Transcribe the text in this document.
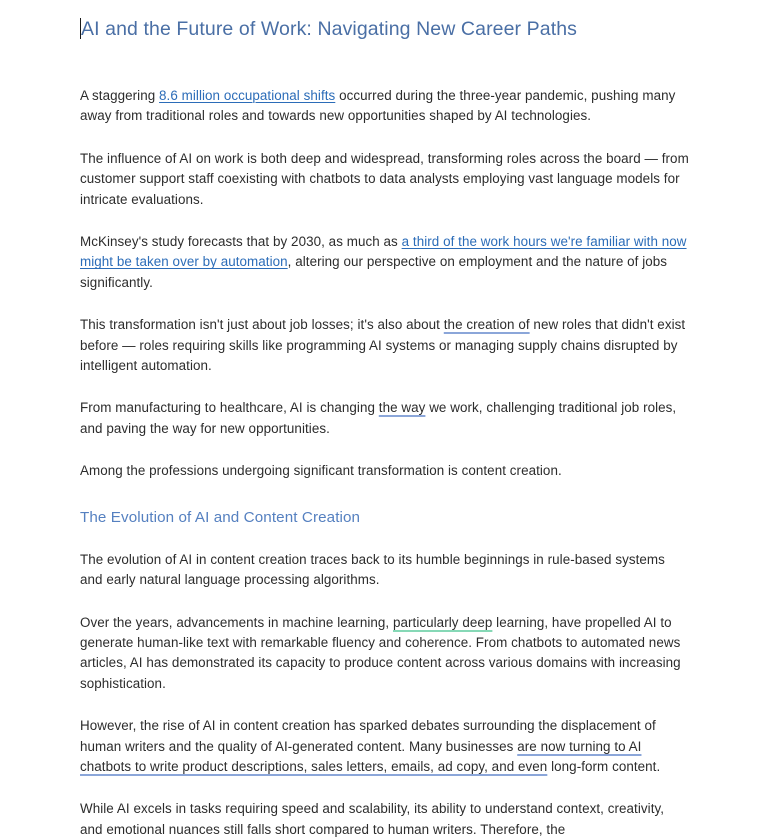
AI and the Future of Work: Navigating New Career Paths

A staggering 8.6 million occupational shifts occurred during the three-year pandemic, pushing many away from traditional roles and towards new opportunities shaped by AI technologies.

The influence of AI on work is both deep and widespread, transforming roles across the board — from customer support staff coexisting with chatbots to data analysts employing vast language models for intricate evaluations.

McKinsey's study forecasts that by 2030, as much as a third of the work hours we're familiar with now might be taken over by automation, altering our perspective on employment and the nature of jobs significantly.

This transformation isn't just about job losses; it's also about the creation of new roles that didn't exist before — roles requiring skills like programming AI systems or managing supply chains disrupted by intelligent automation.

From manufacturing to healthcare, AI is changing the way we work, challenging traditional job roles, and paving the way for new opportunities.

Among the professions undergoing significant transformation is content creation.

The Evolution of AI and Content Creation

The evolution of AI in content creation traces back to its humble beginnings in rule-based systems and early natural language processing algorithms.

Over the years, advancements in machine learning, particularly deep learning, have propelled AI to generate human-like text with remarkable fluency and coherence. From chatbots to automated news articles, AI has demonstrated its capacity to produce content across various domains with increasing sophistication.

However, the rise of AI in content creation has sparked debates surrounding the displacement of human writers and the quality of AI-generated content. Many businesses are now turning to AI chatbots to write product descriptions, sales letters, emails, ad copy, and even long-form content.

While AI excels in tasks requiring speed and scalability, its ability to understand context, creativity, and emotional nuances still falls short compared to human writers. Therefore, the
